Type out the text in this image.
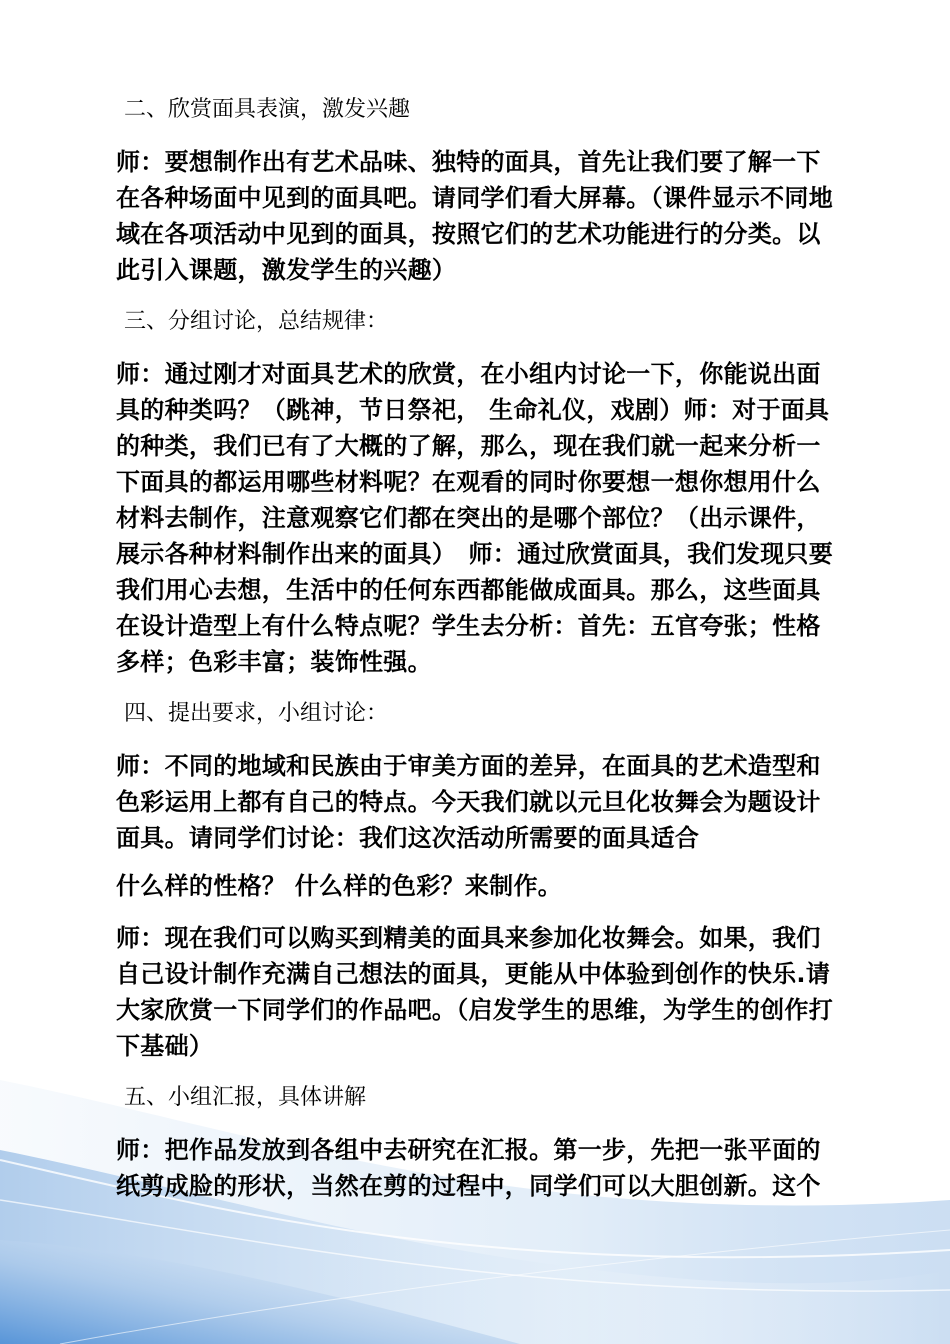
二、欣赏面具表演，激发兴趣

师：要想制作出有艺术品味、独特的面具，首先让我们要了解一下在各种场面中见到的面具吧。请同学们看大屏幕。（课件显示不同地域在各项活动中见到的面具，按照它们的艺术功能进行的分类。以此引入课题，激发学生的兴趣）

三、分组讨论，总结规律：

师：通过刚才对面具艺术的欣赏，在小组内讨论一下，你能说出面具的种类吗？（跳神，节日祭祀， 生命礼仪，戏剧）师：对于面具的种类，我们已有了大概的了解，那么，现在我们就一起来分析一下面具的都运用哪些材料呢？在观看的同时你要想一想你想用什么材料去制作，注意观察它们都在突出的是哪个部位？（出示课件，展示各种材料制作出来的面具）　师：通过欣赏面具，我们发现只要我们用心去想，生活中的任何东西都能做成面具。那么，这些面具在设计造型上有什么特点呢？学生去分析：首先：五官夸张；性格多样；色彩丰富；装饰性强。

四、提出要求，小组讨论：

师：不同的地域和民族由于审美方面的差异，在面具的艺术造型和色彩运用上都有自己的特点。今天我们就以元旦化妆舞会为题设计面具。请同学们讨论：我们这次活动所需要的面具适合

什么样的性格？ 什么样的色彩？来制作。

师：现在我们可以购买到精美的面具来参加化妆舞会。如果，我们自己设计制作充满自己想法的面具，更能从中体验到创作的快乐.请大家欣赏一下同学们的作品吧。（启发学生的思维，为学生的创作打下基础）

五、小组汇报，具体讲解

师：把作品发放到各组中去研究在汇报。第一步，先把一张平面的纸剪成脸的形状，当然在剪的过程中，同学们可以大胆创新。这个
